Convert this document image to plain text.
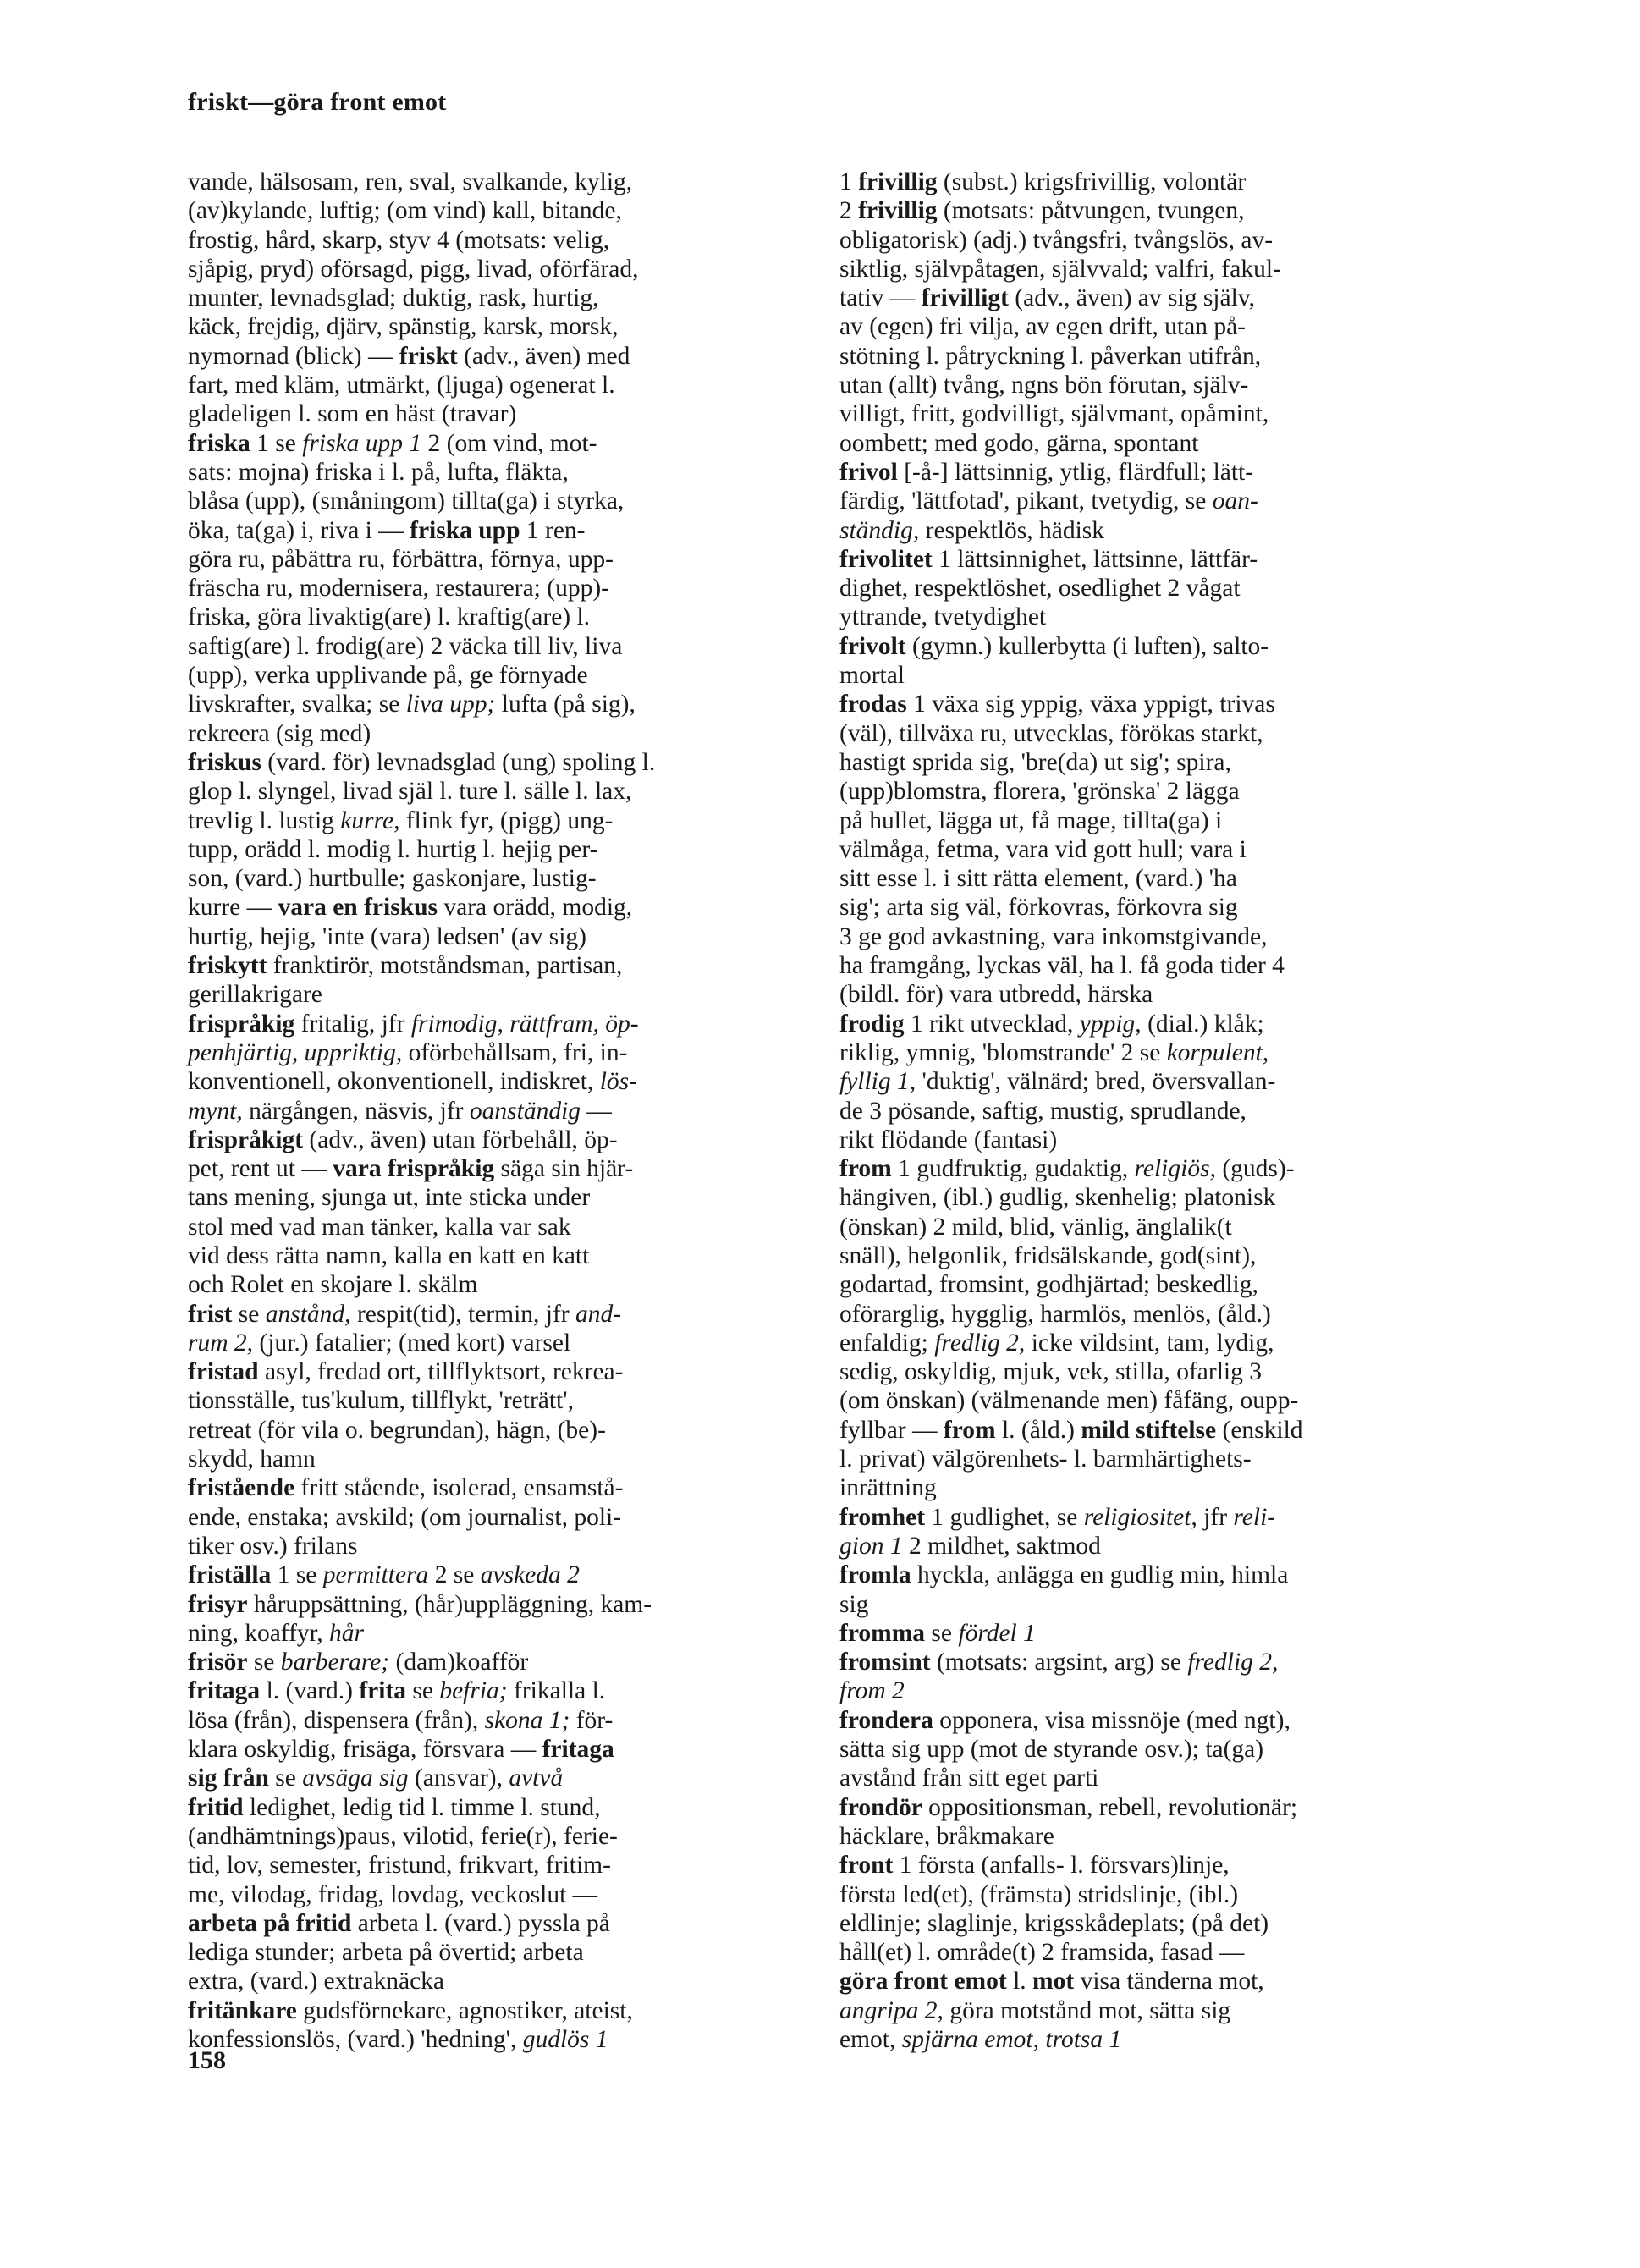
friskt—göra front emot
vande, hälsosam, ren, sval, svalkande, kylig,
(av)kylande, luftig; (om vind) kall, bitande,
frostig, hård, skarp, styv 4 (motsats: velig,
sjåpig, pryd) oförsagd, pigg, livad, oförfärad,
munter, levnadsglad; duktig, rask, hurtig,
käck, frejdig, djärv, spänstig, karsk, morsk,
nymornad (blick) — friskt (adv., även) med
fart, med kläm, utmärkt, (ljuga) ogenerat l.
gladeligen l. som en häst (travar)
friska 1 se friska upp 1 2 (om vind, mot-
sats: mojna) friska i l. på, lufta, fläkta,
blåsa (upp), (småningom) tillta(ga) i styrka,
öka, ta(ga) i, riva i — friska upp 1 ren-
göra ru, påbättra ru, förbättra, förnya, upp-
fräscha ru, modernisera, restaurera; (upp)-
friska, göra livaktig(are) l. kraftig(are) l.
saftig(are) l. frodig(are) 2 väcka till liv, liva
(upp), verka upplivande på, ge förnyade
livskrafter, svalka; se liva upp; lufta (på sig),
rekreera (sig med)
friskus (vard. för) levnadsglad (ung) spoling l.
glop l. slyngel, livad själ l. ture l. sälle l. lax,
trevlig l. lustig kurre, flink fyr, (pigg) ung-
tupp, orädd l. modig l. hurtig l. hejig per-
son, (vard.) hurtbulle; gaskonjare, lustig-
kurre — vara en friskus vara orädd, modig,
hurtig, hejig, 'inte (vara) ledsen' (av sig)
friskytt franktirör, motståndsman, partisan,
gerillakrigare
frispråkig fritalig, jfr frimodig, rättfram, öp-
penhjärtig, uppriktig, oförbehållsam, fri, in-
konventionell, okonventionell, indiskret, lös-
mynt, närgången, näsvis, jfr oanständig —
frispråkigt (adv., även) utan förbehåll, öp-
pet, rent ut — vara frispråkig säga sin hjär-
tans mening, sjunga ut, inte sticka under
stol med vad man tänker, kalla var sak
vid dess rätta namn, kalla en katt en katt
och Rolet en skojare l. skälm
frist se anstånd, respit(tid), termin, jfr and-
rum 2, (jur.) fatalier; (med kort) varsel
fristad asyl, fredad ort, tillflyktsort, rekrea-
tionsställe, tus'kulum, tillflykt, 'reträtt',
retreat (för vila o. begrundan), hägn, (be)-
skydd, hamn
fristående fritt stående, isolerad, ensamstå-
ende, enstaka; avskild; (om journalist, poli-
tiker osv.) frilans
friställa 1 se permittera 2 se avskeda 2
frisyr håruppsättning, (hår)uppläggning, kam-
ning, koaffyr, hår
frisör se barberare; (dam)koafför
fritaga l. (vard.) frita se befria; frikalla l.
lösa (från), dispensera (från), skona 1; för-
klara oskyldig, frisäga, försvara — fritaga
sig från se avsäga sig (ansvar), avtvå
fritid ledighet, ledig tid l. timme l. stund,
(andhämtnings)paus, vilotid, ferie(r), ferie-
tid, lov, semester, fristund, frikvart, fritim-
me, vilodag, fridag, lovdag, veckoslut —
arbeta på fritid arbeta l. (vard.) pyssla på
lediga stunder; arbeta på övertid; arbeta
extra, (vard.) extraknäcka
fritänkare gudsförnekare, agnostiker, ateist,
konfessionslös, (vard.) 'hedning', gudlös 1
1 frivillig (subst.) krigsfrivillig, volontär
2 frivillig (motsats: påtvungen, tvungen,
obligatorisk) (adj.) tvångsfri, tvångslös, av-
siktlig, självpåtagen, självvald; valfri, fakul-
tativ — frivilligt (adv., även) av sig själv,
av (egen) fri vilja, av egen drift, utan på-
stötning l. påtryckning l. påverkan utifrån,
utan (allt) tvång, ngns bön förutan, själv-
villigt, fritt, godvilligt, självmant, opåmint,
oombett; med godo, gärna, spontant
frivol [-å-] lättsinnig, ytlig, flärdfull; lätt-
färdig, 'lättfotad', pikant, tvetydig, se oan-
ständig, respektlös, hädisk
frivolitet 1 lättsinnighet, lättsinne, lättfär-
dighet, respektlöshet, osedlighet 2 vågat
yttrande, tvetydighet
frivolt (gymn.) kullerbytta (i luften), salto-
mortal
frodas 1 växa sig yppig, växa yppigt, trivas
(väl), tillväxa ru, utvecklas, förökas starkt,
hastigt sprida sig, 'bre(da) ut sig'; spira,
(upp)blomstra, florera, 'grönska' 2 lägga
på hullet, lägga ut, få mage, tillta(ga) i
välmåga, fetma, vara vid gott hull; vara i
sitt esse l. i sitt rätta element, (vard.) 'ha
sig'; arta sig väl, förkovras, förkovra sig
3 ge god avkastning, vara inkomstgivande,
ha framgång, lyckas väl, ha l. få goda tider 4
(bildl. för) vara utbredd, härska
frodig 1 rikt utvecklad, yppig, (dial.) klåk;
riklig, ymnig, 'blomstrande' 2 se korpulent,
fyllig 1, 'duktig', välnärd; bred, översvallan-
de 3 pösande, saftig, mustig, sprudlande,
rikt flödande (fantasi)
from 1 gudfruktig, gudaktig, religiös, (guds)-
hängiven, (ibl.) gudlig, skenhelig; platonisk
(önskan) 2 mild, blid, vänlig, änglalik(t
snäll), helgonlik, fridsälskande, god(sint),
godartad, fromsint, godhjärtad; beskedlig,
oförarglig, hygglig, harmlös, menlös, (åld.)
enfaldig; fredlig 2, icke vildsint, tam, lydig,
sedig, oskyldig, mjuk, vek, stilla, ofarlig 3
(om önskan) (välmenande men) fåfäng, oupp-
fyllbar — from l. (åld.) mild stiftelse (enskild
l. privat) välgörenhets- l. barmhärtighets-
inrättning
fromhet 1 gudlighet, se religiositet, jfr reli-
gion 1 2 mildhet, saktmod
fromla hyckla, anlägga en gudlig min, himla
sig
fromma se fördel 1
fromsint (motsats: argsint, arg) se fredlig 2,
from 2
frondera opponera, visa missnöje (med ngt),
sätta sig upp (mot de styrande osv.); ta(ga)
avstånd från sitt eget parti
frondör oppositionsman, rebell, revolutionär;
häcklare, bråkmakare
front 1 första (anfalls- l. försvars)linje,
första led(et), (främsta) stridslinje, (ibl.)
eldlinje; slaglinje, krigsskådeplats; (på det)
håll(et) l. område(t) 2 framsida, fasad —
göra front emot l. mot visa tänderna mot,
angripa 2, göra motstånd mot, sätta sig
emot, spjärna emot, trotsa 1
158
